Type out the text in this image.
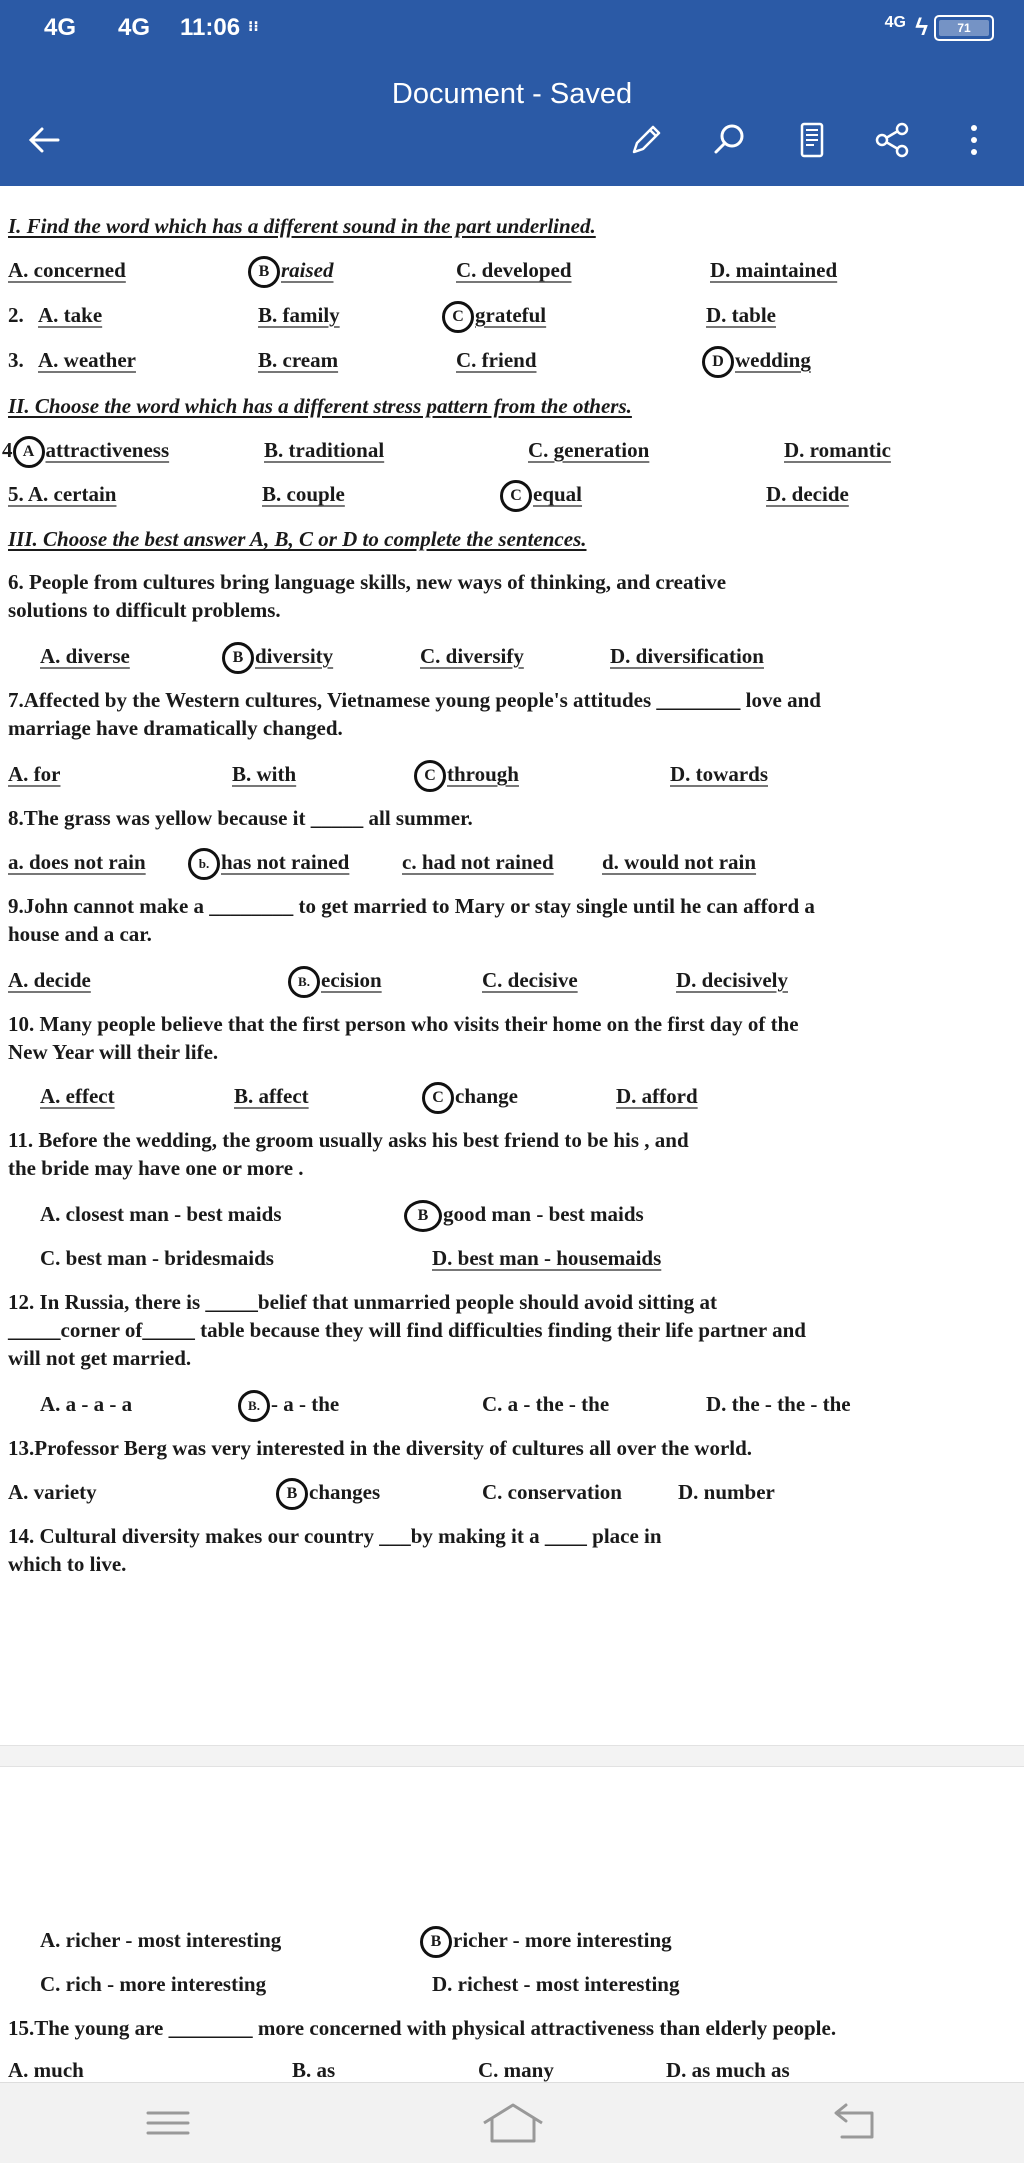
4G 4G 11:06 ⁝⁝	4G ϟ	71
Document - Saved
I. Find the word which has a different sound in the part underlined.
A. concerned	B raised	C. developed	D. maintained
2. A. take	B. family	C grateful	D. table
3. A. weather	B. cream	C. friend	D wedding
II. Choose the word which has a different stress pattern from the others.
4 A attractiveness	B. traditional	C. generation	D. romantic
5. A. certain	B. couple	C equal	D. decide
III. Choose the best answer A, B, C or D to complete the sentences.
6. People from cultures bring language skills, new ways of thinking, and creative
solutions to difficult problems.
A. diverse	B diversity	C. diversify	D. diversification
7.Affected by the Western cultures, Vietnamese young people's attitudes ________ love and
marriage have dramatically changed.
A. for	B. with	C through	D. towards
8.The grass was yellow because it _____ all summer.
a. does not rain	b. has not rained	c. had not rained d. would not rain
9.John cannot make a ________ to get married to Mary or stay single until he can afford a
house and a car.
A. decide	B. ecision	C. decisive	D. decisively
10. Many people believe that the first person who visits their home on the first day of the
New Year will their life.
A. effect	B. affect	C change	D. afford
11. Before the wedding, the groom usually asks his best friend to be his , and
the bride may have one or more .
A. closest man - best maids	B good man - best maids
C. best man - bridesmaids	D. best man - housemaids
12. In Russia, there is _____belief that unmarried people should avoid sitting at
_____corner of_____ table because they will find difficulties finding their life partner and
will not get married.
A. a - a - a	B. - a - the	C. a - the - the	D. the - the - the
13.Professor Berg was very interested in the diversity of cultures all over the world.
A. variety	B changes	C. conservation	D. number
14. Cultural diversity makes our country ___by making it a ____ place in
which to live.
A. richer - most interesting	B richer - more interesting
C. rich - more interesting	D. richest - most interesting
15.The young are ________ more concerned with physical attractiveness than elderly people.
A. much	B. as	C. many	D. as much as
